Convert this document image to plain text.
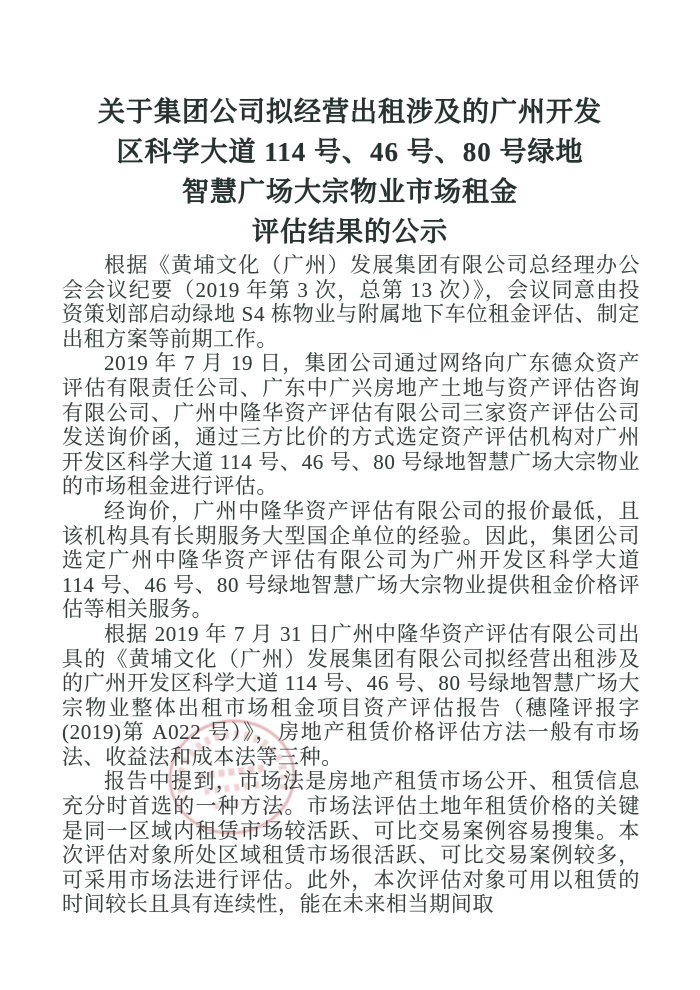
关于集团公司拟经营出租涉及的广州开发
区科学大道 114 号、46 号、80 号绿地
智慧广场大宗物业市场租金
评估结果的公示

根据《黄埔文化（广州）发展集团有限公司总经理办公会会议纪要（2019 年第 3 次，总第 13 次）》，会议同意由投资策划部启动绿地 S4 栋物业与附属地下车位租金评估、制定出租方案等前期工作。

2019 年 7 月 19 日，集团公司通过网络向广东德众资产评估有限责任公司、广东中广兴房地产土地与资产评估咨询有限公司、广州中隆华资产评估有限公司三家资产评估公司发送询价函，通过三方比价的方式选定资产评估机构对广州开发区科学大道 114 号、46 号、80 号绿地智慧广场大宗物业的市场租金进行评估。

经询价，广州中隆华资产评估有限公司的报价最低，且该机构具有长期服务大型国企单位的经验。因此，集团公司选定广州中隆华资产评估有限公司为广州开发区科学大道 114 号、46 号、80 号绿地智慧广场大宗物业提供租金价格评估等相关服务。

根据 2019 年 7 月 31 日广州中隆华资产评估有限公司出具的《黄埔文化（广州）发展集团有限公司拟经营出租涉及的广州开发区科学大道 114 号、46 号、80 号绿地智慧广场大宗物业整体出租市场租金项目资产评估报告（穗隆评报字(2019)第 A022 号）》，房地产租赁价格评估方法一般有市场法、收益法和成本法等三种。

报告中提到，市场法是房地产租赁市场公开、租赁信息充分时首选的一种方法。市场法评估土地年租赁价格的关键是同一区域内租赁市场较活跃、可比交易案例容易搜集。本次评估对象所处区域租赁市场很活跃、可比交易案例较多，可采用市场法进行评估。此外，本次评估对象可用以租赁的时间较长且具有连续性，能在未来相当期间取
